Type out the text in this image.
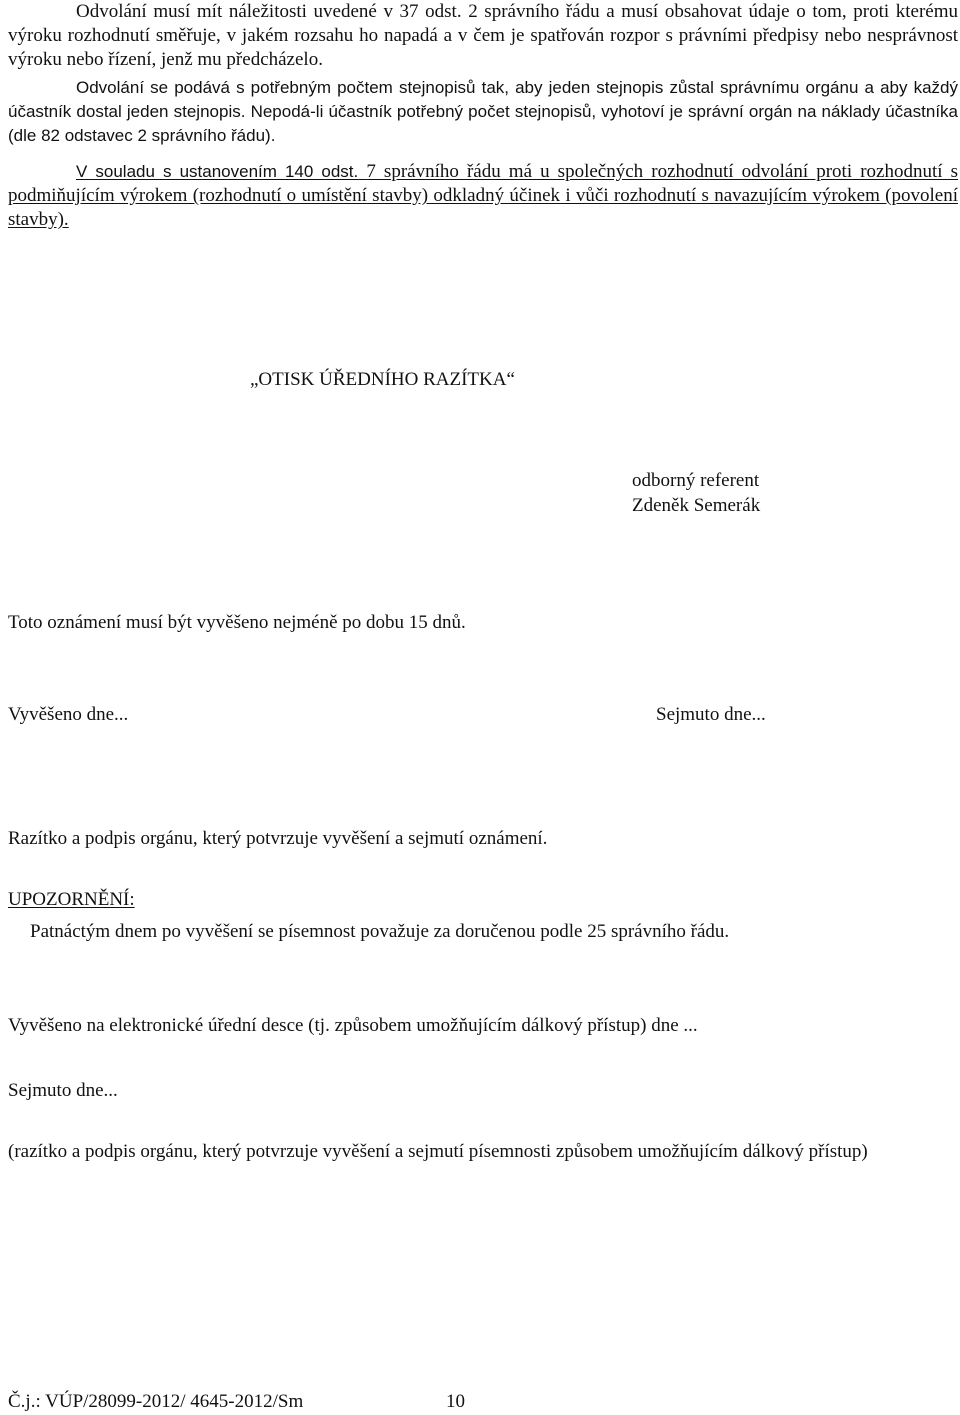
Odvolání musí mít náležitosti uvedené v 37 odst. 2 správního řádu a musí obsahovat údaje o tom, proti kterému výroku rozhodnutí směřuje, v jakém rozsahu ho napadá a v čem je spatřován rozpor s právními předpisy nebo nesprávnost výroku nebo řízení, jenž mu předcházelo.
Odvolání se podává s potřebným počtem stejnopisů tak, aby jeden stejnopis zůstal správnímu orgánu a aby každý účastník dostal jeden stejnopis. Nepodá-li účastník potřebný počet stejnopisů, vyhotoví je správní orgán na náklady účastníka (dle 82 odstavec 2 správního řádu).
V souladu s ustanovením 140 odst. 7 správního řádu má u společných rozhodnutí odvolání proti rozhodnutí s podmiňujícím výrokem (rozhodnutí o umístění stavby) odkladný účinek i vůči rozhodnutí s navazujícím výrokem (povolení stavby).
„OTISK ÚŘEDNÍHO RAZÍTKA“
odborný referent
Zdeněk Semerák
Toto oznámení musí být vyvěšeno nejméně po dobu 15 dnů.
Vyvěšeno dne...	Sejmuto dne...
Razítko a podpis orgánu, který potvrzuje vyvěšení a sejmutí oznámení.
UPOZORNĚNÍ:
Patnáctým dnem po vyvěšení se písemnost považuje za doručenou podle 25 správního řádu.
Vyvěšeno na elektronické úřední desce (tj. způsobem umožňujícím dálkový přístup) dne ...
Sejmuto dne...
(razítko a podpis orgánu, který potvrzuje vyvěšení a sejmutí písemnosti způsobem umožňujícím dálkový přístup)
Č.j.: VÚP/28099-2012/ 4645-2012/Sm	10
